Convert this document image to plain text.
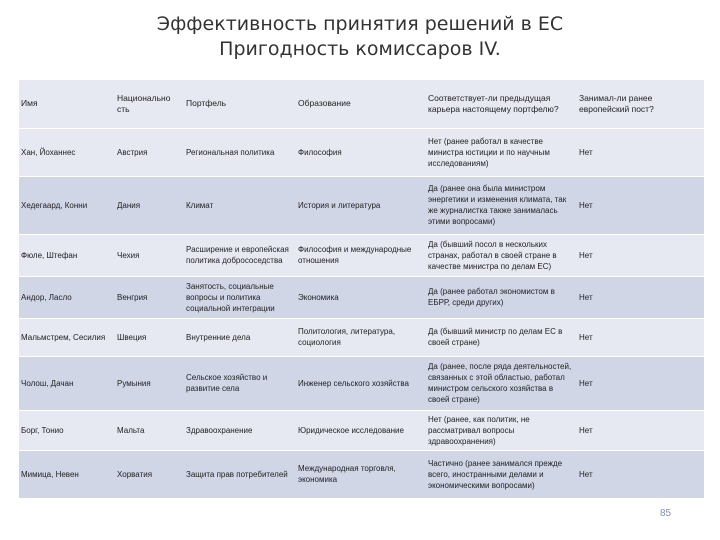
Эффективность принятия решений в ЕС
Пригодность комиссаров IV.
Имя	Национально сть	Портфель	Образование	Соответствует-ли предыдущая карьера настоящему портфелю?	Занимал-ли ранее европейский пост?
Хан, Йоханнес	Австрия	Региональная политика	Философия	Нет (ранее работал в качестве министра юстиции и по научным исследованиям)	Нет
Хедегаард, Конни	Дания	Климат	История и литература	Да (ранее она была министром энергетики и изменения климата, так же журналистка также занималась этими вопросами)	Нет
Фюле, Штефан	Чехия	Расширение и европейская политика добрососедства	Философия и международные отношения	Да (бывший посол в нескольких странах, работал в своей стране в качестве министра по делам ЕС)	Нет
Андор, Ласло	Венгрия	Занятость, социальные вопросы и политика социальной интеграции	Экономика	Да (ранее работал экономистом в ЕБРР, среди других)	Нет
Мальмстрем, Сесилия	Швеция	Внутренние дела	Политология, литература, социология	Да (бывший министр по делам ЕС в своей стране)	Нет
Чолош, Дачан	Румыния	Сельское хозяйство и развитие села	Инженер сельского хозяйства	Да (ранее, после ряда деятельностей, связанных с этой областью, работал министром сельского хозяйства в своей стране)	Нет
Борг, Тонио	Мальта	Здравоохранение	Юридическое исследование	Нет (ранее, как политик, не рассматривал вопросы здравоохранения)	Нет
Мимица, Невен	Хорватия	Защита прав потребителей	Международная торговля, экономика	Частично (ранее занимался прежде всего, иностранными делами и экономическими вопросами)	Нет
85
